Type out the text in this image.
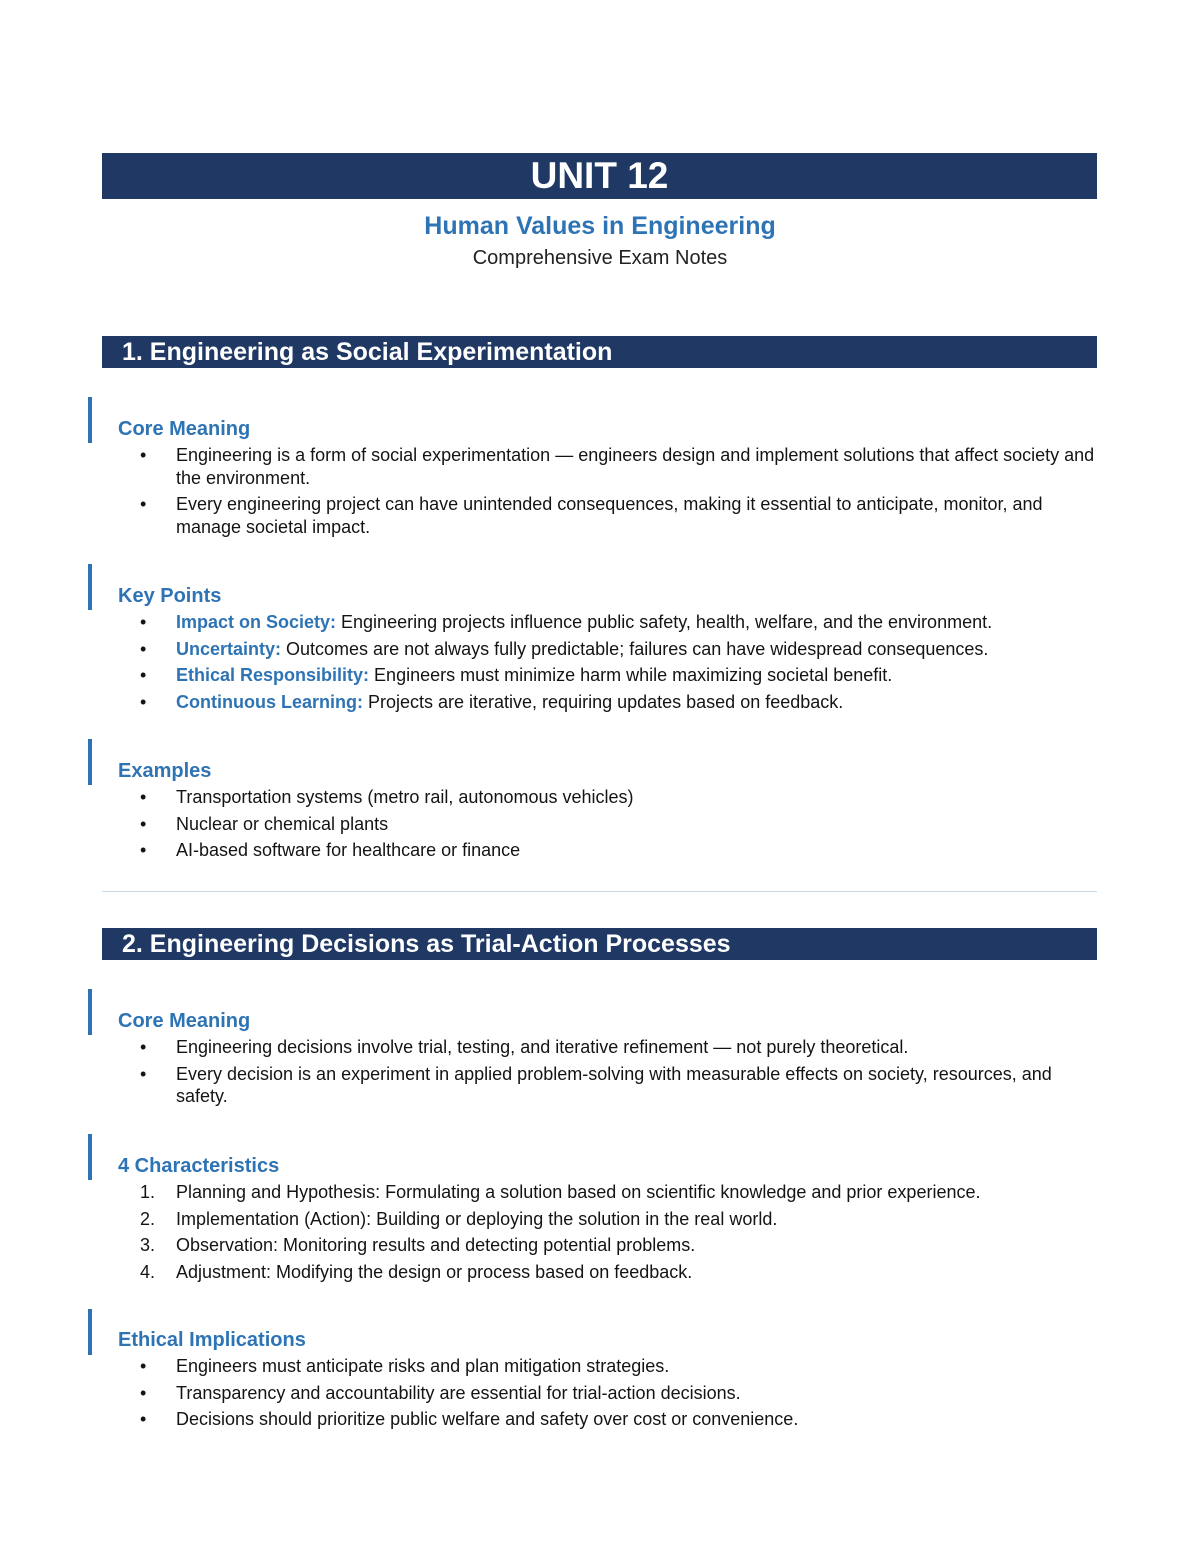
UNIT 12
Human Values in Engineering
Comprehensive Exam Notes
1. Engineering as Social Experimentation
Core Meaning
•	Engineering is a form of social experimentation — engineers design and implement solutions that affect society and the environment.
•	Every engineering project can have unintended consequences, making it essential to anticipate, monitor, and manage societal impact.
Key Points
•	Impact on Society: Engineering projects influence public safety, health, welfare, and the environment.
•	Uncertainty: Outcomes are not always fully predictable; failures can have widespread consequences.
•	Ethical Responsibility: Engineers must minimize harm while maximizing societal benefit.
•	Continuous Learning: Projects are iterative, requiring updates based on feedback.
Examples
•	Transportation systems (metro rail, autonomous vehicles)
•	Nuclear or chemical plants
•	AI-based software for healthcare or finance
2. Engineering Decisions as Trial-Action Processes
Core Meaning
•	Engineering decisions involve trial, testing, and iterative refinement — not purely theoretical.
•	Every decision is an experiment in applied problem-solving with measurable effects on society, resources, and safety.
4 Characteristics
1.	Planning and Hypothesis: Formulating a solution based on scientific knowledge and prior experience.
2.	Implementation (Action): Building or deploying the solution in the real world.
3.	Observation: Monitoring results and detecting potential problems.
4.	Adjustment: Modifying the design or process based on feedback.
Ethical Implications
•	Engineers must anticipate risks and plan mitigation strategies.
•	Transparency and accountability are essential for trial-action decisions.
•	Decisions should prioritize public welfare and safety over cost or convenience.
